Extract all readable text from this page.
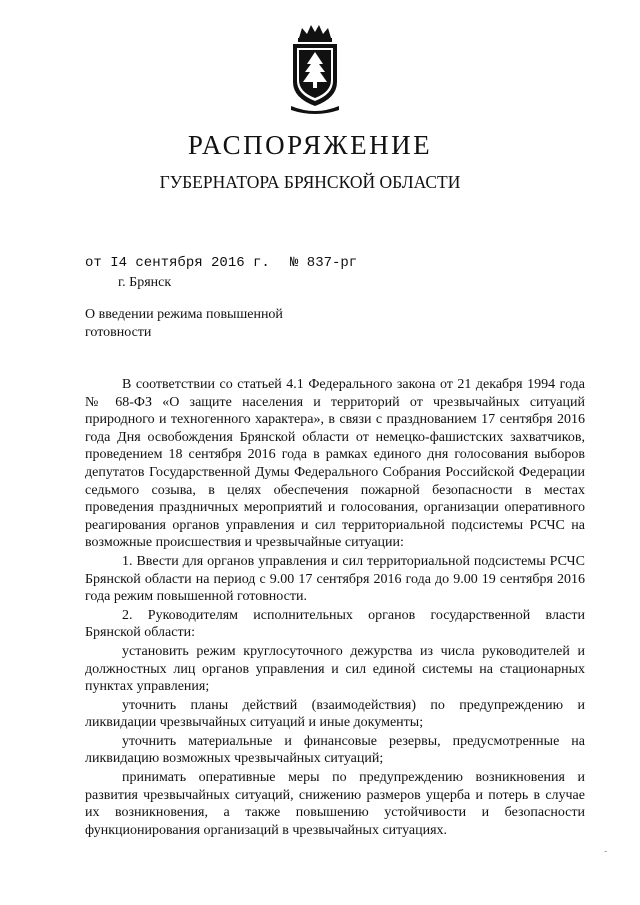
РАСПОРЯЖЕНИЕ
ГУБЕРНАТОРА БРЯНСКОЙ ОБЛАСТИ
от I4 сентября 2016 г. № 837-рг
г. Брянск
О введении режима повышенной
готовности

В соответствии со статьей 4.1 Федерального закона от 21 декабря 1994 года № 68-ФЗ «О защите населения и территорий от чрезвычайных ситуаций природного и техногенного характера», в связи с празднованием 17 сентября 2016 года Дня освобождения Брянской области от немецко-фашистских захватчиков, проведением 18 сентября 2016 года в рамках единого дня голосования выборов депутатов Государственной Думы Федерального Собрания Российской Федерации седьмого созыва, в целях обеспечения пожарной безопасности в местах проведения праздничных мероприятий и голосования, организации оперативного реагирования органов управления и сил территориальной подсистемы РСЧС на возможные происшествия и чрезвычайные ситуации:

1. Ввести для органов управления и сил территориальной подсистемы РСЧС Брянской области на период с 9.00 17 сентября 2016 года до 9.00 19 сентября 2016 года режим повышенной готовности.

2. Руководителям исполнительных органов государственной власти Брянской области:

установить режим круглосуточного дежурства из числа руководителей и должностных лиц органов управления и сил единой системы на стационарных пунктах управления;

уточнить планы действий (взаимодействия) по предупреждению и ликвидации чрезвычайных ситуаций и иные документы;

уточнить материальные и финансовые резервы, предусмотренные на ликвидацию возможных чрезвычайных ситуаций;

принимать оперативные меры по предупреждению возникновения и развития чрезвычайных ситуаций, снижению размеров ущерба и потерь в случае их возникновения, а также повышению устойчивости и безопасности функционирования организаций в чрезвычайных ситуациях.

-
